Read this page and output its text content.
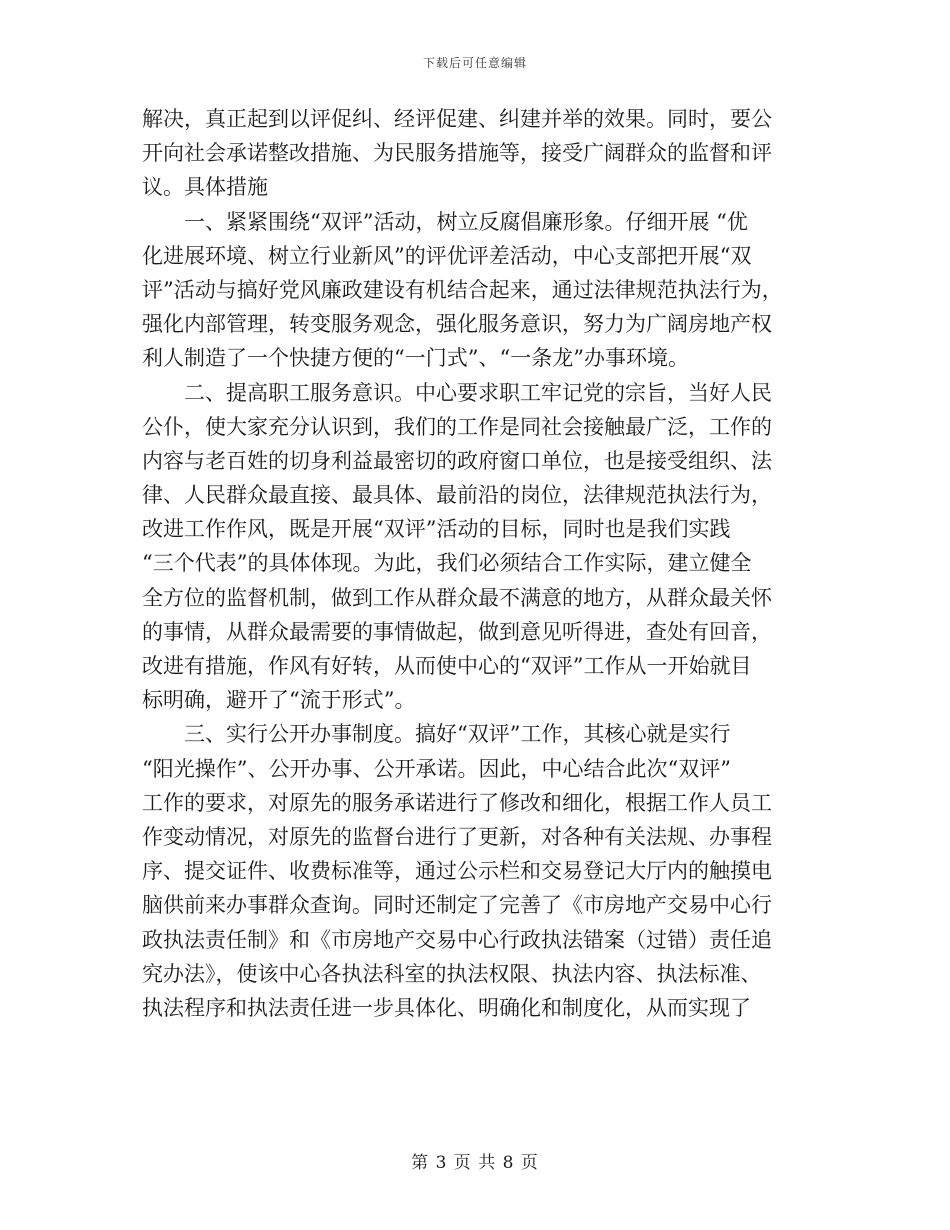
下载后可任意编辑
解决，真正起到以评促纠、经评促建、纠建并举的效果。同时，要公
开向社会承诺整改措施、为民服务措施等，接受广阔群众的监督和评
议。具体措施
一、紧紧围绕“双评”活动，树立反腐倡廉形象。仔细开展 “优
化进展环境、树立行业新风”的评优评差活动，中心支部把开展“双
评”活动与搞好党风廉政建设有机结合起来，通过法律规范执法行为，
强化内部管理，转变服务观念，强化服务意识，努力为广阔房地产权
利人制造了一个快捷方便的“一门式”、“一条龙”办事环境。
二、提高职工服务意识。中心要求职工牢记党的宗旨，当好人民
公仆，使大家充分认识到，我们的工作是同社会接触最广泛，工作的
内容与老百姓的切身利益最密切的政府窗口单位，也是接受组织、法
律、人民群众最直接、最具体、最前沿的岗位，法律规范执法行为，
改进工作作风，既是开展“双评”活动的目标，同时也是我们实践
“三个代表”的具体体现。为此，我们必须结合工作实际，建立健全
全方位的监督机制，做到工作从群众最不满意的地方，从群众最关怀
的事情，从群众最需要的事情做起，做到意见听得进，查处有回音，
改进有措施，作风有好转，从而使中心的“双评”工作从一开始就目
标明确，避开了“流于形式”。
三、实行公开办事制度。搞好“双评”工作，其核心就是实行
“阳光操作”、公开办事、公开承诺。因此，中心结合此次“双评”
工作的要求，对原先的服务承诺进行了修改和细化，根据工作人员工
作变动情况，对原先的监督台进行了更新，对各种有关法规、办事程
序、提交证件、收费标准等，通过公示栏和交易登记大厅内的触摸电
脑供前来办事群众查询。同时还制定了完善了《市房地产交易中心行
政执法责任制》和《市房地产交易中心行政执法错案（过错）责任追
究办法》，使该中心各执法科室的执法权限、执法内容、执法标准、
执法程序和执法责任进一步具体化、明确化和制度化，从而实现了
第 3 页 共 8 页
